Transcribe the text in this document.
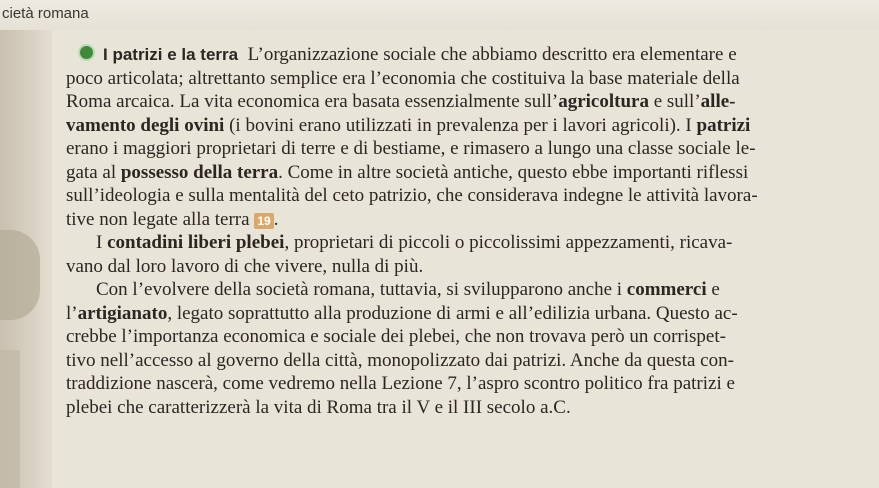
cietà romana
I patrizi e la terra L’organizzazione sociale che abbiamo descritto era elementare e
poco articolata; altrettanto semplice era l’economia che costituiva la base materiale della
Roma arcaica. La vita economica era basata essenzialmente sull’agricoltura e sull’alle-
vamento degli ovini (i bovini erano utilizzati in prevalenza per i lavori agricoli). I patrizi
erano i maggiori proprietari di terre e di bestiame, e rimasero a lungo una classe sociale le-
gata al possesso della terra. Come in altre società antiche, questo ebbe importanti riflessi
sull’ideologia e sulla mentalità del ceto patrizio, che considerava indegne le attività lavora-
tive non legate alla terra 19 .
I contadini liberi plebei, proprietari di piccoli o piccolissimi appezzamenti, ricava-
vano dal loro lavoro di che vivere, nulla di più.
Con l’evolvere della società romana, tuttavia, si svilupparono anche i commerci e
l’artigianato, legato soprattutto alla produzione di armi e all’edilizia urbana. Questo ac-
crebbe l’importanza economica e sociale dei plebei, che non trovava però un corrispet-
tivo nell’accesso al governo della città, monopolizzato dai patrizi. Anche da questa con-
traddizione nascerà, come vedremo nella Lezione 7, l’aspro scontro politico fra patrizi e
plebei che caratterizzerà la vita di Roma tra il V e il III secolo a.C.
